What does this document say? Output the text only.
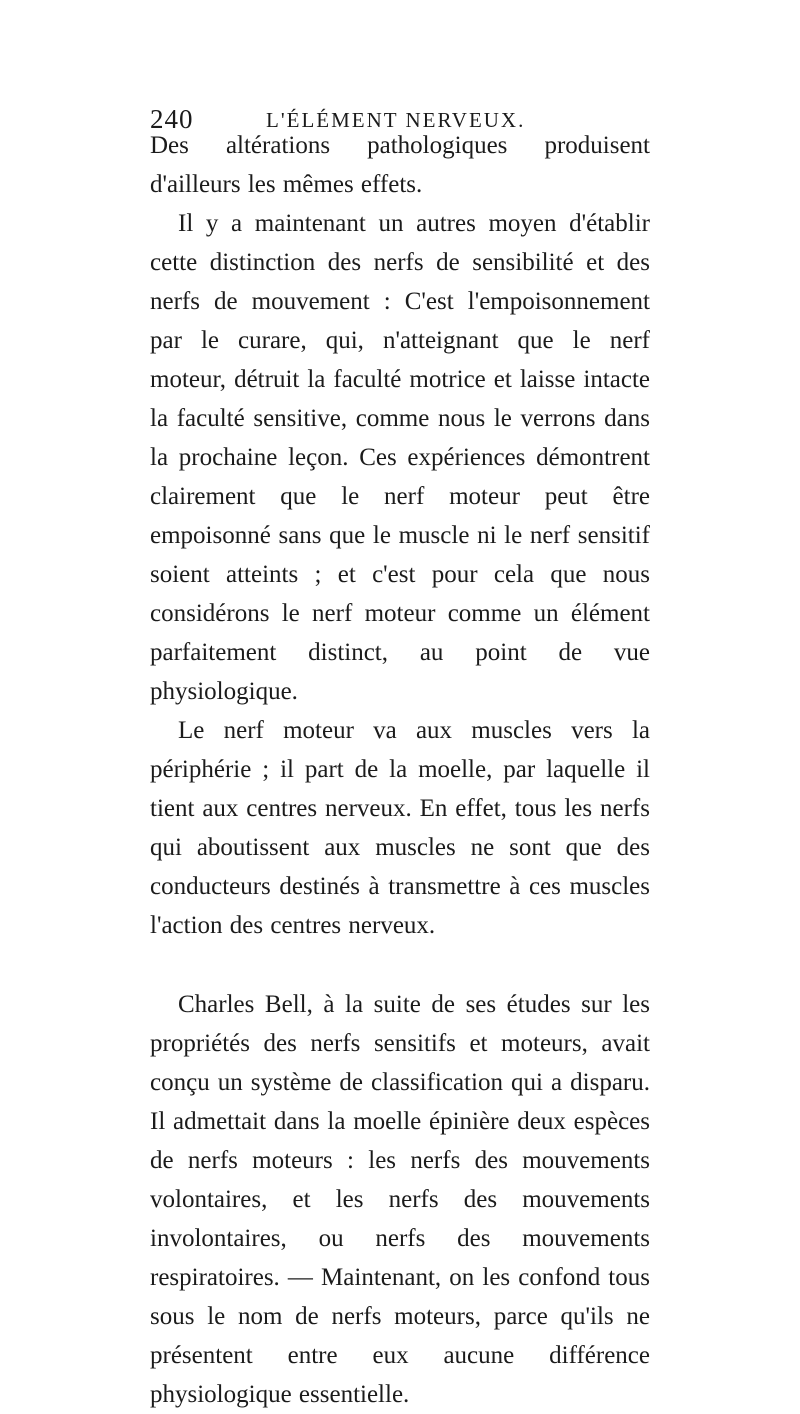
240	L'ÉLÉMENT NERVEUX.

Des altérations pathologiques produisent d'ailleurs les mêmes effets.

Il y a maintenant un autres moyen d'établir cette distinction des nerfs de sensibilité et des nerfs de mouvement : C'est l'empoisonnement par le curare, qui, n'atteignant que le nerf moteur, détruit la faculté motrice et laisse intacte la faculté sensitive, comme nous le verrons dans la prochaine leçon. Ces expériences démontrent clairement que le nerf moteur peut être empoisonné sans que le muscle ni le nerf sensitif soient atteints ; et c'est pour cela que nous considérons le nerf moteur comme un élément parfaitement distinct, au point de vue physiologique.

Le nerf moteur va aux muscles vers la périphérie ; il part de la moelle, par laquelle il tient aux centres nerveux. En effet, tous les nerfs qui aboutissent aux muscles ne sont que des conducteurs destinés à transmettre à ces muscles l'action des centres nerveux.

Charles Bell, à la suite de ses études sur les propriétés des nerfs sensitifs et moteurs, avait conçu un système de classification qui a disparu. Il admettait dans la moelle épinière deux espèces de nerfs moteurs : les nerfs des mouvements volontaires, et les nerfs des mouvements involontaires, ou nerfs des mouvements respiratoires. — Maintenant, on les confond tous sous le nom de nerfs moteurs, parce qu'ils ne présentent entre eux aucune différence physiologique essentielle.
